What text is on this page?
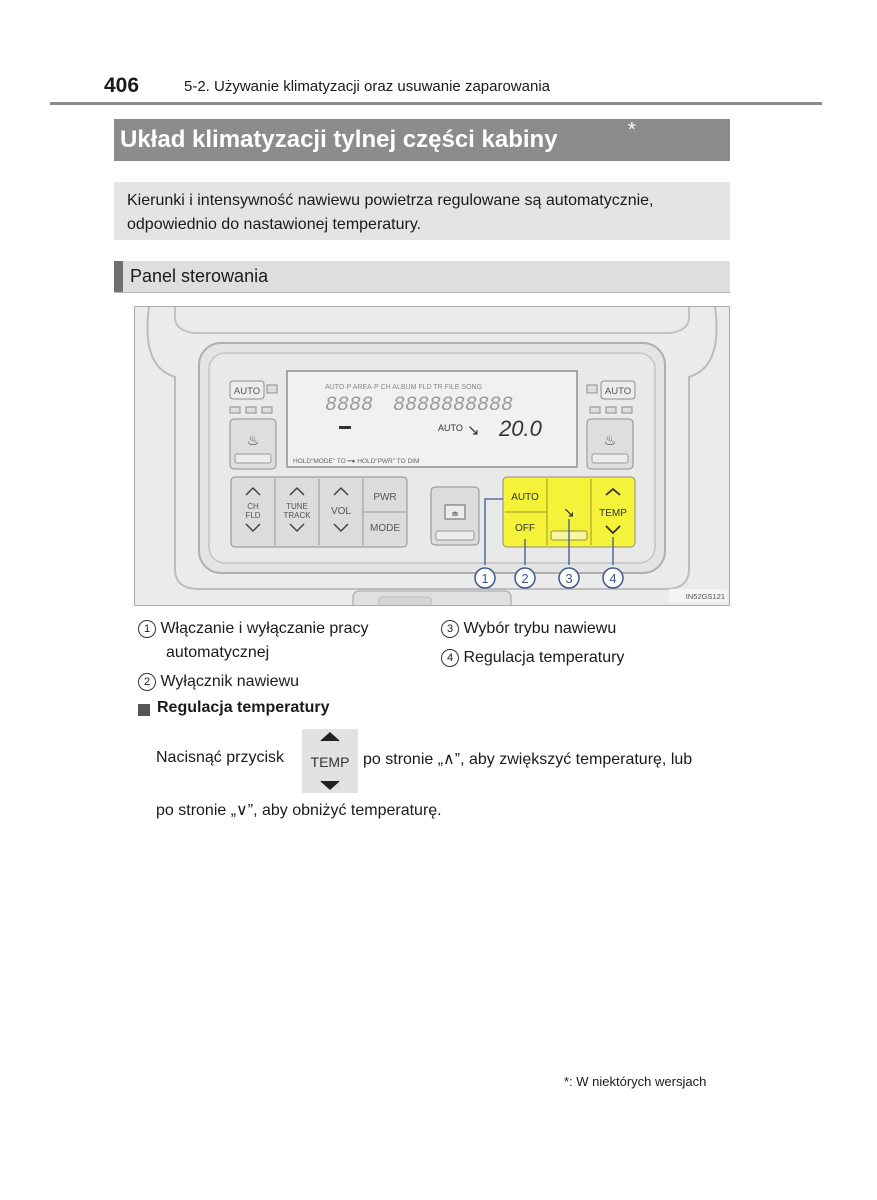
406	5-2. Używanie klimatyzacji oraz usuwanie zaparowania
Układ klimatyzacji tylnej części kabiny	*
Kierunki i intensywność nawiewu powietrza regulowane są automatycznie, odpowiednio do nastawionej temperatury.
Panel sterowania
AUTO
♨
AUTO·P AREA·P CH ALBUM FLD TR FILE SONG
8888 8888888888
AUTO ↘ 20.0
HOLD"MODE" TO ━● HOLD"PWR" TO DIM
AUTO
♨
CH
FLD
TUNE
TRACK VOL
PWR
MODE
≐
AUTO
OFF
↘ TEMP
1	2	3	4
IN52GS121
1 Włączanie i wyłączanie pracy
automatycznej
2 Wyłącznik nawiewu
3 Wybór trybu nawiewu
4 Regulacja temperatury
Regulacja temperatury
Nacisnąć przycisk TEMP po stronie „∧”, aby zwiększyć temperaturę, lub
po stronie „∨”, aby obniżyć temperaturę.
*: W niektórych wersjach
